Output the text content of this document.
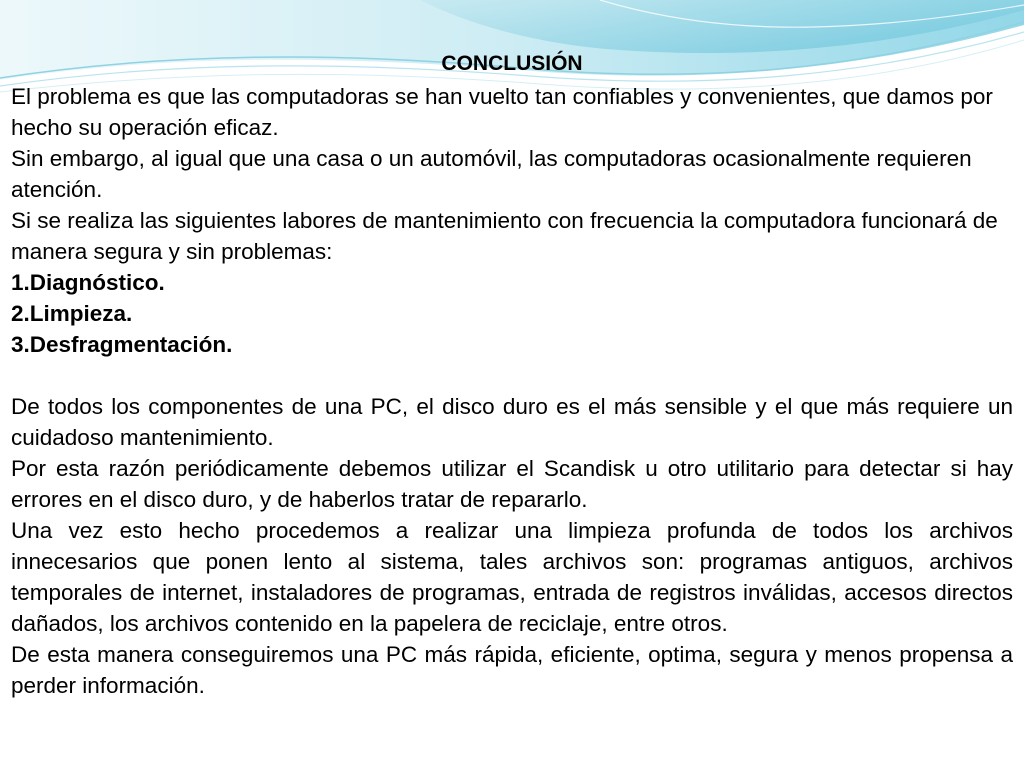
CONCLUSIÓN

El problema es que las computadoras se han vuelto tan confiables y convenientes, que damos por hecho su operación eficaz.

Sin embargo, al igual que una casa o un automóvil, las computadoras ocasionalmente requieren atención.

Si se realiza las siguientes labores de mantenimiento con frecuencia la computadora funcionará de manera segura y sin problemas:

1.Diagnóstico.

2.Limpieza.

3.Desfragmentación.

De todos los componentes de una PC, el disco duro es el más sensible y el que más requiere un cuidadoso mantenimiento.

Por esta razón periódicamente debemos utilizar el Scandisk u otro utilitario para detectar si hay errores en el disco duro, y de haberlos tratar de repararlo.

Una vez esto hecho procedemos a realizar una limpieza profunda de todos los archivos innecesarios que ponen lento al sistema, tales archivos son: programas antiguos, archivos temporales de internet, instaladores de programas, entrada de registros inválidas, accesos directos dañados, los archivos contenido en la papelera de reciclaje, entre otros.

De esta manera conseguiremos una PC más rápida, eficiente, optima, segura y menos propensa a perder información.
